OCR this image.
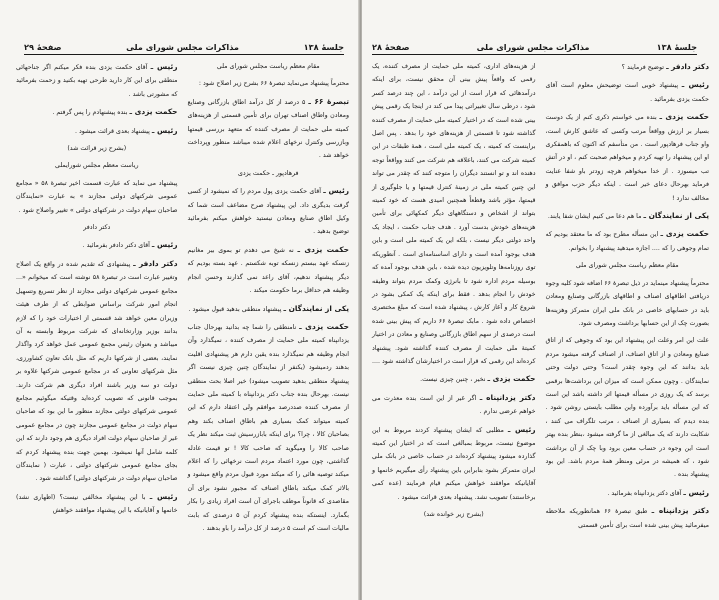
جلسهٔ ۱۳۸
مذاکرات مجلس شورای ملی
صفحهٔ ۲۹

مقام معظم ریاست مجلس شورای ملی

محترماً پیشنهاد می‌نماید تبصرهٔ ۶۶ بشرح زیر اصلاح شود :

تبصرهٔ ۶۶ ـ ۵ درصد از کل درآمد اطاق بازرگانی وصنایع ومعادن واطاق اصناف تهران برای تأمین قسمتی از هزینه‌های کمیته ملی حمایت از مصرف کننده که متعهد بررسی قیمتها وبازرسی وکنترل نرخهای اعلام شده میباشد منظور وپرداخت خواهد شد .

فرهادپور ـ حکمت یزدی

رئیس ـ آقای حکمت یزدی پول مردم را که نمیشود از کسی گرفت بدیگری داد. این پیشنهاد صرح مضاعف است شما که وکیل اطاق صنایع ومعادن نیستید خواهش میکنم بفرمائید توضیح بدهید .

حکمت یزدی ـ نه شیخ می دهدم تو بموی بیر مغانیم زنسکه عهد ببستم زنسکه توبه شکستم . عهد بسته بودیم که دیگر پیشنهاد ندهیم، آقای راعد نمی گذارند وحسن انجام وظیفه هم حداقل برما حکومت میکند .

یکی از نمایندگان ـ پیشنهاد منطقی بدهید قبول میشود .

حکمت یزدی ـ نامنطقی را شما چه بدانید بهرحال جناب یزدانپناه کمیته ملی حمایت از مصرف کننده ، نمیگذارد وآن انجام وظیفه هم نمیگذارد بنده یقین دارم هر پیشنهادی اقلیت بدهند ردمیشود (یکنفر از نمایندگان چنین چیزی نیست اگر پیشنهاد منطقی بدهید تصویب میشود) خیر اصلا بحث منطقی نیست. بهرحال بنده جناب دکتر یزدانپناه با کمیته ملی حمایت از مصرف کننده صددرصد موافقم ولی اعتقاد دارم که این کمیته میتواند کمک بسیاری هم باطاق اصناف بکند وهم بصاحبان کالا ، چرا؟ برای اینکه بابازرسیش ثبت میکند نظر یک صاحب کالا را ومیگوید که صاحب کالا ! تو قیمت عادله گذاشتی، چون مورد اعتماد مردم است نرخهائی را که اعلام میکند توصیه هائی را که میکند مورد قبول مردم واقع میشود و بالاثر کمک میکند باطاق اصناف که مجبور نشود برای آن مقاصدی که قانوناً موظف باجرای آن است افراد زیادی را بکار بگمارد. اینستکه بنده پیشنهاد کردم آن ۵ درصدی که بابت مالیات است کم است ۵ درصد از کل درآمد را باو بدهند .

رئیس ـ آقای حکمت یزدی بنده فکر میکنم اگر جناحهائی منطقی برای این کار دارید طرحی تهیه بکنید و زحمت بفرمائید که مشورتی باشد .

حکمت یزدی ـ بنده پیشنهادم را پس گرفتم .

رئیس ـ پیشنهاد بعدی قرائت میشود .

(بشرح زیر قرائت شد)

ریاست معظم مجلس شورایملی

پیشنهاد می نماید که عبارت قسمت اخیر تبصرهٔ ۵۸ « مجامع عمومی شرکتهای دولتی مجازند » به عبارت «نمایندگان صاحبان سهام دولت در شرکتهای دولتی » تغییر واصلاح شود .

دکتر دادفر

رئیس ـ آقای دکتر دادفر بفرمائید .

دکتر دادفر ـ پیشنهادی که تقدیم شده در واقع یک اصلاح وتغییر عبارت است در تبصرهٔ ۵۸ نوشته است که میخوانم «... مجامع عمومی شرکتهای دولتی مجازند از نظر تسریع وتسهیل انجام امور شرکت براساس ضوابطی که از طرف هیئت وزیران معین خواهد شد قسمتی از اختیارات خود را که لازم بدانند بوزیر وزارتخانه‌ای که شرکت مربوط وابسته به آن میباشد و بعنوان رئیس مجمع عمومی عمل خواهد کرد واگذار نمایند، بعضی از شرکتها داریم که مثل بانک تعاون کشاورزی، مثل شرکتهای تعاونی که در مجامع عمومی شرکتها علاوه بر دولت دو سه وزیر باشند افراد دیگری هم شرکت دارند. بموجب قانونی که تصویب کرده‌اید وقتیکه میگوئیم مجامع عمومی شرکتهای دولتی مجازند منظور ما این بود که صاحبان سهام دولت در مجامع عمومی مجازند چون در مجامع عمومی غیر از صاحبان سهام دولت افراد دیگری هم وجود دارند که این کلمه شامل آنها نمیشود. بهمین جهت بنده پیشنهاد کردم که بجای مجامع عمومی شرکتهای دولتی ، عبارت ( نمایندگان صاحبان سهام دولت در شرکتهای دولتی) گذاشته شود .

رئیس ـ با این پیشنهاد مخالفی نیست؟ (اظهاری نشد) خانمها و آقایانیکه با این پیشنهاد موافقند خواهش

جلسهٔ ۱۳۸
مذاکرات مجلس شورای ملی
صفحهٔ ۲۸

دکتر دادفر ـ توضیح فرمایند ؟

رئیس ـ پیشنهاد خوبی است توضیحش معلوم است آقای حکمت یزدی بفرمائید .

حکمت یزدی ـ بنده می خواستم ذکری کنم از یک دوست بسیار بر ارزش وواقعاً مرتب وکسی که عاشق کارش است، واو جناب فرهادپور است . من متأسفم که اکنون که باهمفکری او این پیشنهاد را تهیه کردم و میخواهم صحبت کنم ، او در آتش تب میسوزد . از خدا میخواهم هرچه زودتر باو شفا عنایت فرماید بهرحال دعای خیر است . اینکه دیگر حزب موافق و مخالف ندارد !

یکی از نمایندگان ـ ما هم دعا می کنیم ایشان شفا یابند.

حکمت یزدی ـ این مسأله مطرح بود که ما معتقد بودیم که تمام وجوهی را که .... اجازه میدهید پیشنهاد را بخوانم.

مقام معظم ریاست مجلس شورای ملی

محترماً پیشنهاد مینماید در ذیل تبصرهٔ ۶۶ اضافه شود کلیه وجوه دریافتی اطاقهای اصناف و اطاقهای بازرگانی وصنایع ومعادن باید در حسابهای خاصی در بانک ملی ایران متمرکز وهزینه‌ها بصورت چک از این حسابها برداشت ومصرف شود.

علت این امر وعلت این پیشنهاد این بود که وجوهی که از اتاق صنایع ومعادن و از اتاق اصناف، از اصناف گرفته میشود مردم باید بدانند که این وجوه چقدر است؟ وحتی دولت وحتی نمایندگان . وچون ممکن است که میزان این برداشت‌ها برقمی برسد که یک روزی در مسأله قیمتها اثر داشته باشد این است که این مسأله باید برآورده واین مطلب بایستی روشن شود . بنده دیدم که بسیاری از اصناف ، مرتب تلگراف می کنند ، شکایت دارند که یک مبالغی از ما گرفته میشود ،بنظر بنده بهتر است این وجوه در حساب معین برود وبا چک از آن برداشت شود ، که همیشه در مرئی ومنظر همهٔ مردم باشد. این بود پیشنهاد بنده .

رئیس ـ آقای دکتر یزدانپناه بفرمائید .

دکتر یزدانپناه ـ طبق تبصرهٔ ۶۶ همانطوریکه ملاحظه میفرمائید پیش بینی شده است برای تأمین قسمتی

از هزینه‌های اداری، کمیته ملی حمایت از مصرف کننده، یک رقمی که واقعاً پیش بینی آن محقق نیست، برای اینکه درآمدهائی که قرار است از این درآمد ، این چند درصد کسر شود ، درطی سال تغییراتی پیدا می کند در اینجا یک رقمی پیش بینی شده است که در اختیار کمیته ملی حمایت از مصرف کننده گذاشته شود تا قسمتی از هزینه‌های خود را بدهد . پس اصل براینست که کمیته ، یک کمیته ملی است ، همهٔ طبقات در این کمیته شرکت می کنند، باعلاقه هم شرکت می کنند وواقعاً توجه دهنده اند و تو انستند دیگران را متوجه کنند که چقدر می تواند این چنین کمیته ملی در زمینهٔ کنترل قیمتها و یا جلوگیری از قیمتها، مؤثر باشد وقطعاً همچنین امیدی هست که خود کمیته بتواند از اشخاص و دستگاههای دیگر کمکهائی برای تأمین هزینه‌های خودش بدست آورد . هدف جناب حکمت ، ایجاد یک واحد دولتی دیگر نیست ، بلکه این یک کمیته ملی است و باین هدف بوجود آمده است و دارای اساسنامه‌ای است . آنطوریکه توی روزنامه‌ها وتلویزیون دیده شده ، باین هدف بوجود آمده که بوسیله مردم اداره شود تا بانرژی وکمک مردم بتواند وظیفه خودش را انجام بدهد . فقط برای اینکه یک کمکی بشود در شروع کار و آغاز کارش ، پیشنهاد شده است که مبلغ مختصری اختصاص داده شود . مابک تبصرهٔ ۶۶ داریم که پیش بینی شده است درصدی از سهم اطاق بازرگانی وصنایع و معادن در اختیار کمیتهٔ ملی حمایت از مصرف کننده گذاشته شود. پیشنهاد کرده‌اند این رقمی که قرار است در اختیارشان گذاشته شود ....

حکمت یزدی ـ نخیر ، چنین چیزی نیست.

دکتر یزدانپناه ـ اگر غیر از این است بنده معذرت می خواهم عرضی ندارم .

رئیس ـ مطلبی که ایشان پیشنهاد کردند مربوط به این موضوع نیست، مربوط بمبالغی است که در اختیار این کمیته گذارده میشود پیشنهاد کرده‌اند در حساب خاصی در بانک ملی ایران متمرکز بشود بنابراین باین پیشنهاد رأی میگیریم خانمها و آقایانیکه موافقند خواهش میکنم قیام فرمایند (عده کمی برخاستند) تصویب نشد. پیشنهاد بعدی قرائت میشود .

(بشرح زیر خوانده شد)
